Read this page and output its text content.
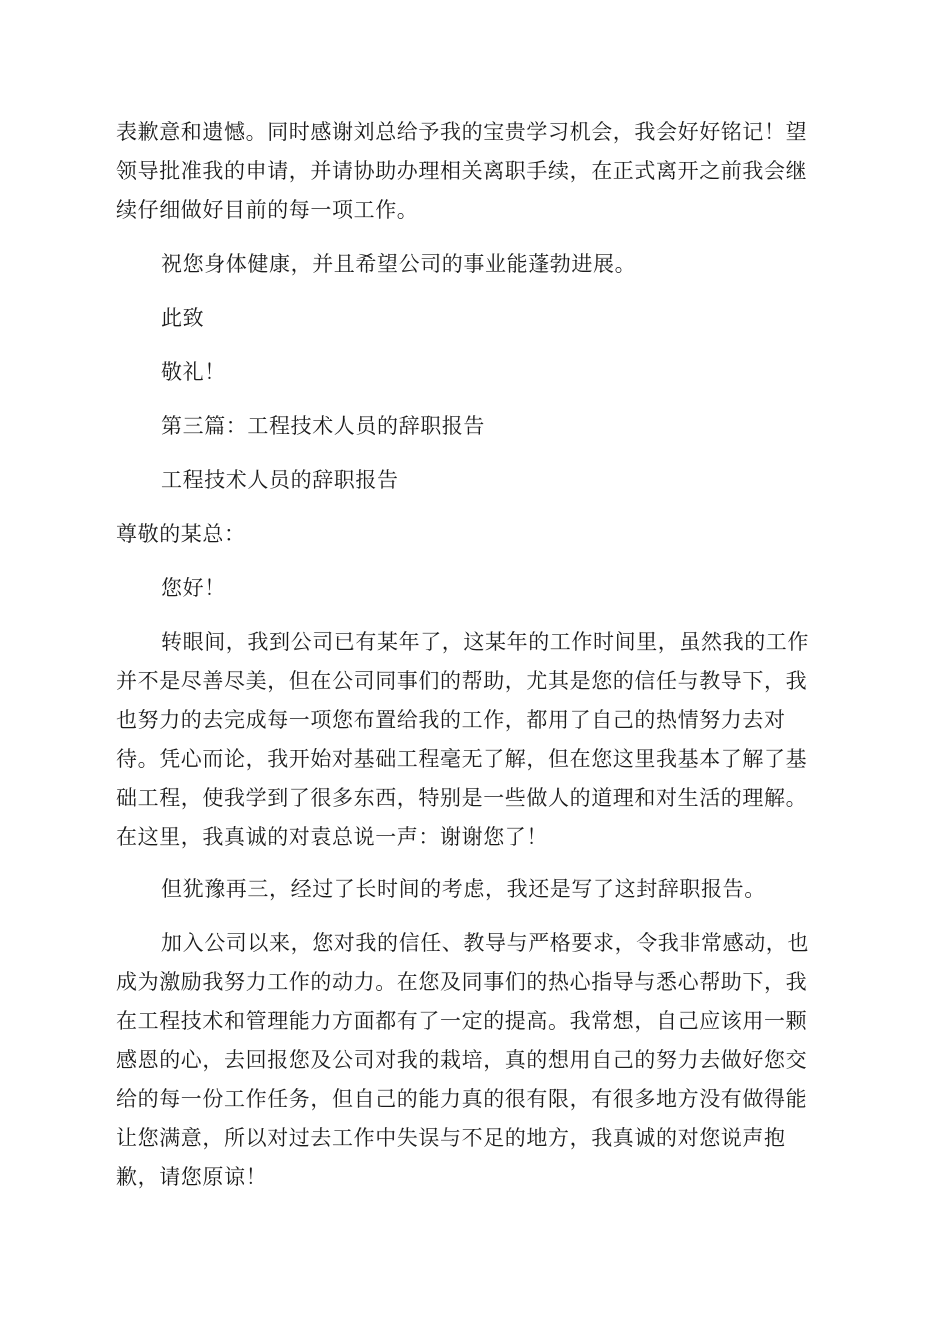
表歉意和遗憾。同时感谢刘总给予我的宝贵学习机会，我会好好铭记！望
领导批准我的申请，并请协助办理相关离职手续，在正式离开之前我会继
续仔细做好目前的每一项工作。
祝您身体健康，并且希望公司的事业能蓬勃进展。
此致
敬礼！
第三篇：工程技术人员的辞职报告
工程技术人员的辞职报告
尊敬的某总：
您好！
转眼间，我到公司已有某年了，这某年的工作时间里，虽然我的工作
并不是尽善尽美，但在公司同事们的帮助，尤其是您的信任与教导下，我
也努力的去完成每一项您布置给我的工作，都用了自己的热情努力去对
待。凭心而论，我开始对基础工程毫无了解，但在您这里我基本了解了基
础工程，使我学到了很多东西，特别是一些做人的道理和对生活的理解。
在这里，我真诚的对袁总说一声：谢谢您了！
但犹豫再三，经过了长时间的考虑，我还是写了这封辞职报告。
加入公司以来，您对我的信任、教导与严格要求，令我非常感动，也
成为激励我努力工作的动力。在您及同事们的热心指导与悉心帮助下，我
在工程技术和管理能力方面都有了一定的提高。我常想，自己应该用一颗
感恩的心，去回报您及公司对我的栽培，真的想用自己的努力去做好您交
给的每一份工作任务，但自己的能力真的很有限，有很多地方没有做得能
让您满意，所以对过去工作中失误与不足的地方，我真诚的对您说声抱
歉，请您原谅！
